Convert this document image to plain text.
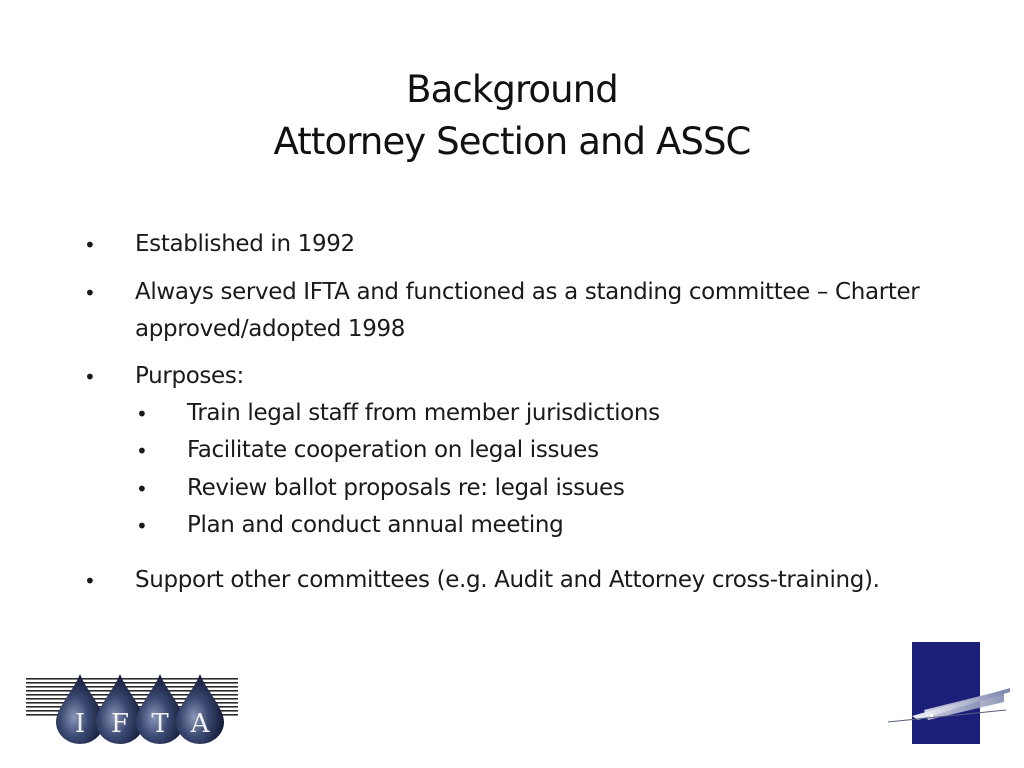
Background
Attorney Section and ASSC
• Established in 1992
• Always served IFTA and functioned as a standing committee – Charter
approved/adopted 1998
• Purposes:
• Train legal staff from member jurisdictions
• Facilitate cooperation on legal issues
• Review ballot proposals re: legal issues
• Plan and conduct annual meeting
• Support other committees (e.g. Audit and Attorney cross-training).
I F T A
